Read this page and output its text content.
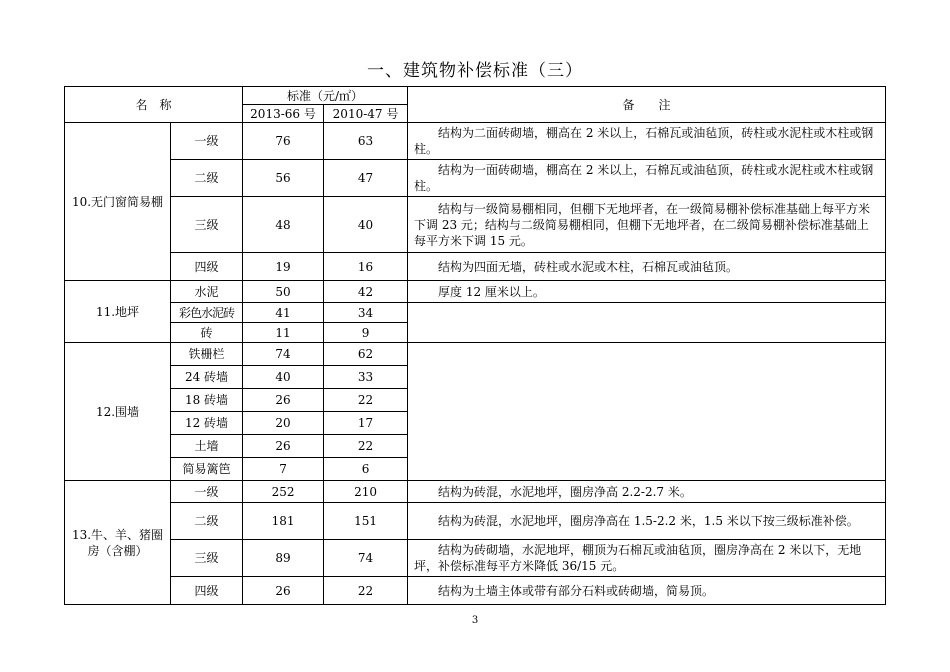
一、建筑物补偿标准（三）
名　称		标准（元/㎡）		备　　注
		2013-66 号	2010-47 号	
10.无门窗简易棚	一级	76	63	结构为二面砖砌墙，棚高在 2 米以上，石棉瓦或油毡顶，砖柱或水泥柱或木柱或钢柱。
	二级	56	47	结构为一面砖砌墙，棚高在 2 米以上，石棉瓦或油毡顶，砖柱或水泥柱或木柱或钢柱。
	三级	48	40	结构与一级简易棚相同，但棚下无地坪者，在一级简易棚补偿标准基础上每平方米下调 23 元；结构与二级简易棚相同，但棚下无地坪者，在二级简易棚补偿标准基础上每平方米下调 15 元。
	四级	19	16	结构为四面无墙，砖柱或水泥或木柱，石棉瓦或油毡顶。
11.地坪	水泥	50	42	厚度 12 厘米以上。
	彩色水泥砖	41	34	
	砖	11	9	
12.围墙	铁栅栏	74	62	
	24 砖墙	40	33	
	18 砖墙	26	22	
	12 砖墙	20	17	
	土墙	26	22	
	简易篱笆	7	6	
13.牛、羊、猪圈房（含棚）	一级	252	210	结构为砖混，水泥地坪，圈房净高 2.2-2.7 米。
	二级	181	151	结构为砖混，水泥地坪，圈房净高在 1.5-2.2 米，1.5 米以下按三级标准补偿。
	三级	89	74	结构为砖砌墙，水泥地坪，棚顶为石棉瓦或油毡顶，圈房净高在 2 米以下，无地坪，补偿标准每平方米降低 36/15 元。
	四级	26	22	结构为土墙主体或带有部分石料或砖砌墙，简易顶。
3
